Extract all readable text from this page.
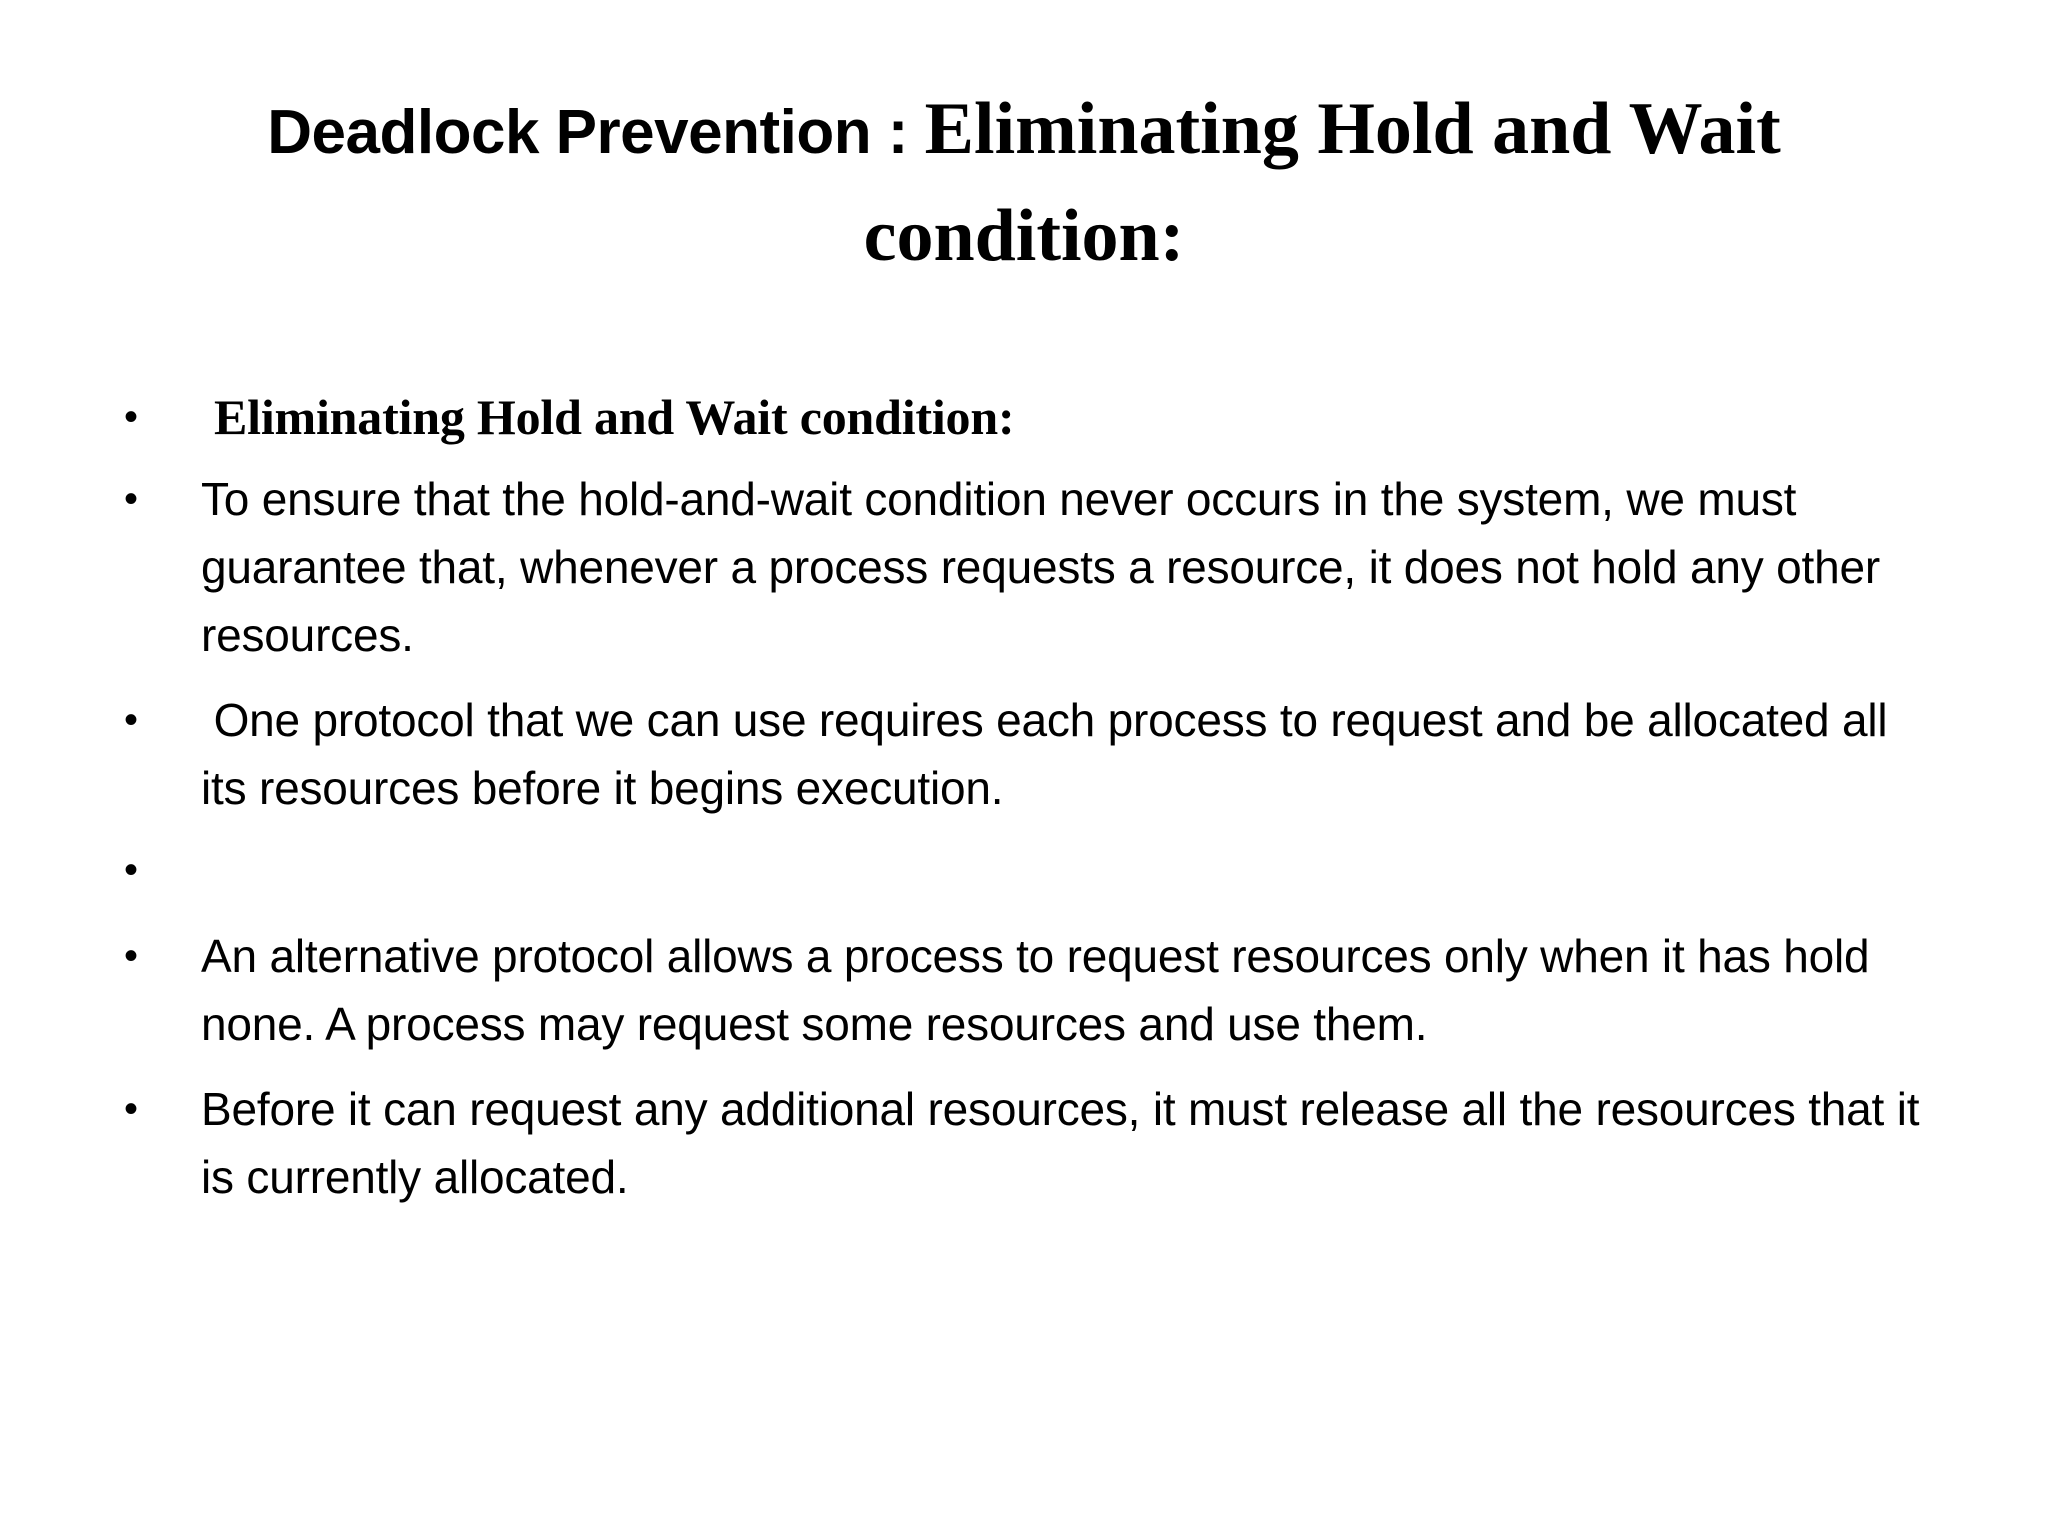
Deadlock Prevention : Eliminating Hold and Wait condition:
• Eliminating Hold and Wait condition:
• To ensure that the hold-and-wait condition never occurs in the system, we must guarantee that, whenever a process requests a resource, it does not hold any other resources.
• One protocol that we can use requires each process to request and be allocated all its resources before it begins execution.
•
• An alternative protocol allows a process to request resources only when it has hold none. A process may request some resources and use them.
• Before it can request any additional resources, it must release all the resources that it is currently allocated.
